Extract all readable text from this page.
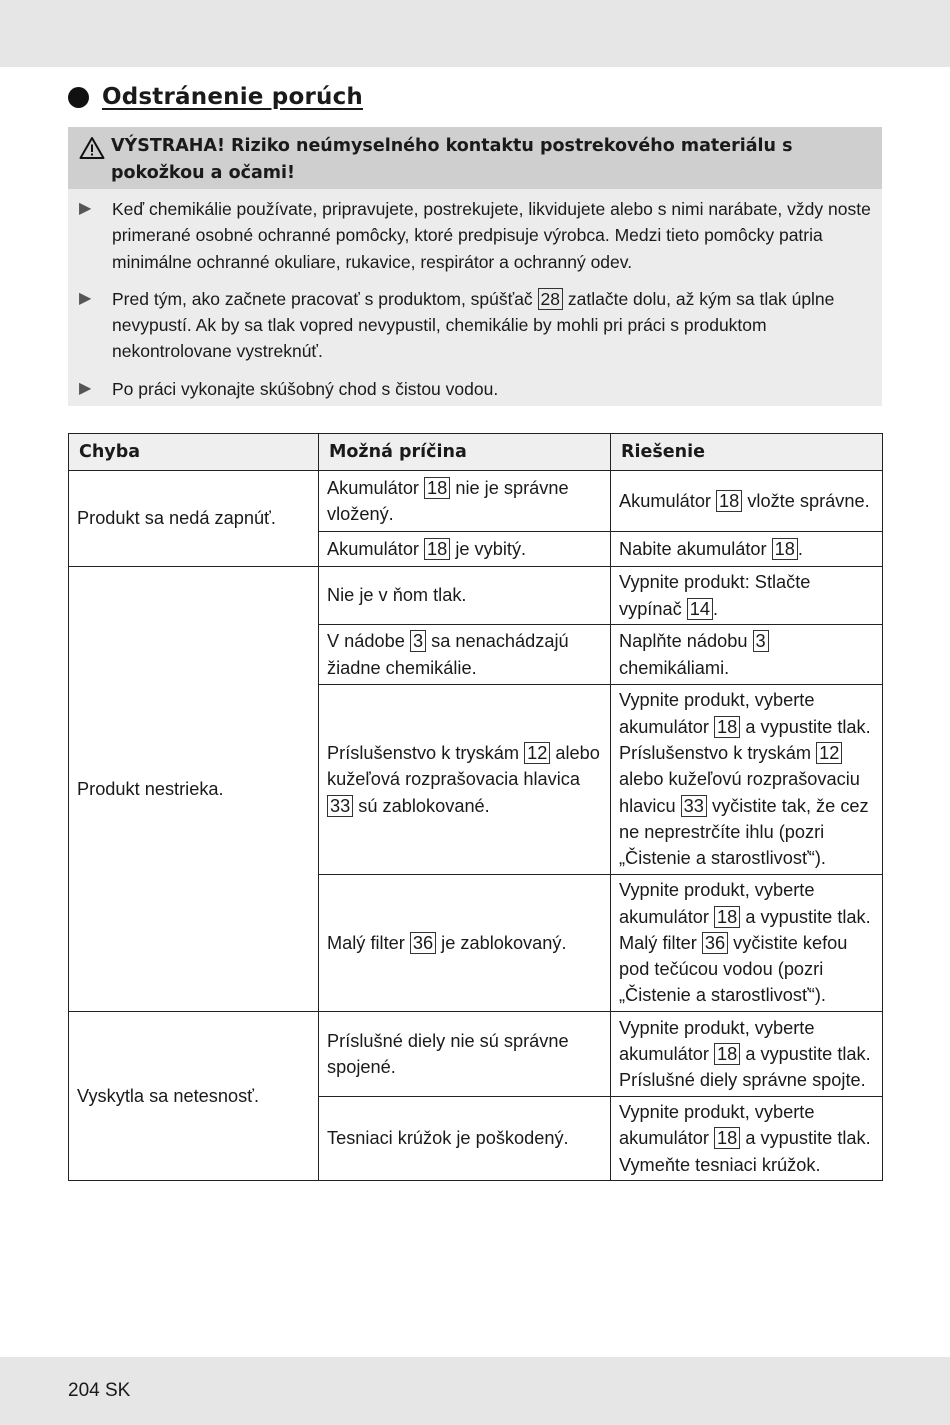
Odstránenie porúch

VÝSTRAHA! Riziko neúmyselného kontaktu postrekového materiálu s pokožkou a očami!

▶	Keď chemikálie používate, pripravujete, postrekujete, likvidujete alebo s nimi narábate, vždy noste primerané osobné ochranné pomôcky, ktoré predpisuje výrobca. Medzi tieto pomôcky patria minimálne ochranné okuliare, rukavice, respirátor a ochranný odev.
▶	Pred tým, ako začnete pracovať s produktom, spúšťač 28 zatlačte dolu, až kým sa tlak úplne nevypustí. Ak by sa tlak vopred nevypustil, chemikálie by mohli pri práci s produktom nekontrolovane vystreknúť.
▶	Po práci vykonajte skúšobný chod s čistou vodou.
Chyba	Možná príčina	Riešenie
Produkt sa nedá zapnúť.	Akumulátor 18 nie je správne vložený.	Akumulátor 18 vložte správne.
	Akumulátor 18 je vybitý.	Nabite akumulátor 18 .
Produkt nestrieka.	Nie je v ňom tlak.	Vypnite produkt: Stlačte vypínač 14 .
	V nádobe 3 sa nenachádzajú žiadne chemikálie.	Naplňte nádobu 3 chemikáliami.
	Príslušenstvo k tryskám 12 alebo kužeľová rozprašovacia hlavica 33 sú zablokované.	Vypnite produkt, vyberte akumulátor 18 a vypustite tlak. Príslušenstvo k tryskám 12 alebo kužeľovú rozprašovaciu hlavicu 33 vyčistite tak, že cez ne neprestrčíte ihlu (pozri „Čistenie a starostlivosť“).
	Malý filter 36 je zablokovaný.	Vypnite produkt, vyberte akumulátor 18 a vypustite tlak. Malý filter 36 vyčistite kefou pod tečúcou vodou (pozri „Čistenie a starostlivosť“).
Vyskytla sa netesnosť.	Príslušné diely nie sú správne spojené.	Vypnite produkt, vyberte akumulátor 18 a vypustite tlak. Príslušné diely správne spojte.
	Tesniaci krúžok je poškodený.	Vypnite produkt, vyberte akumulátor 18 a vypustite tlak. Vymeňte tesniaci krúžok.
204 SK
